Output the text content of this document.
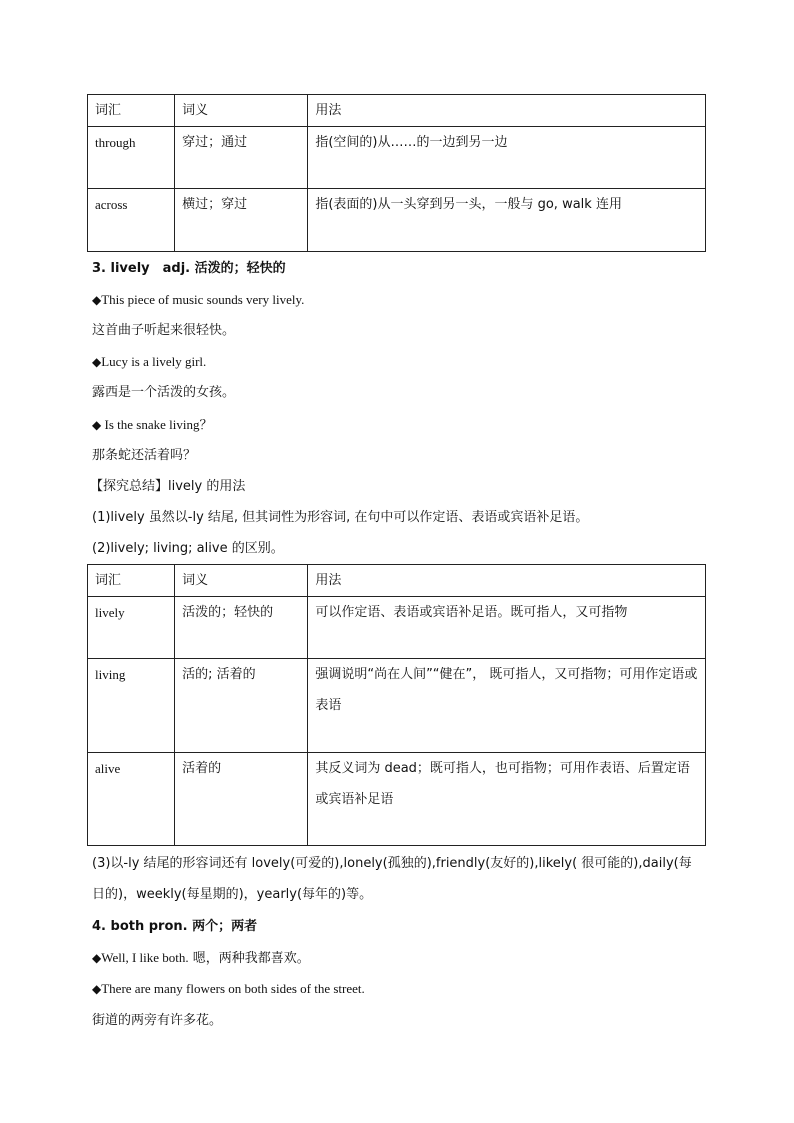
词汇	词义	用法
through	穿过；通过	指(空间的)从……的一边到另一边
across	横过；穿过	指(表面的)从一头穿到另一头，一般与 go, walk 连用
3. lively　adj. 活泼的；轻快的
◆This piece of music sounds very lively.
这首曲子听起来很轻快。
◆Lucy is a lively girl.
露西是一个活泼的女孩。
◆ Is the snake living？
那条蛇还活着吗？
【探究总结】lively 的用法
(1)lively 虽然以-ly 结尾, 但其词性为形容词, 在句中可以作定语、表语或宾语补足语。
(2)lively; living; alive 的区别。
词汇	词义	用法
lively	活泼的；轻快的	可以作定语、表语或宾语补足语。既可指人，又可指物
living	活的; 活着的	强调说明“尚在人间”“健在”， 既可指人，又可指物；可用作定语或表语
alive	活着的	其反义词为 dead；既可指人，也可指物；可用作表语、后置定语或宾语补足语
(3)以-ly 结尾的形容词还有 lovely(可爱的),lonely(孤独的),friendly(友好的),likely( 很可能的),daily(每日的)，weekly(每星期的)，yearly(每年的)等。
4. both pron. 两个；两者
◆Well, I like both. 嗯，两种我都喜欢。
◆There are many flowers on both sides of the street.
街道的两旁有许多花。
